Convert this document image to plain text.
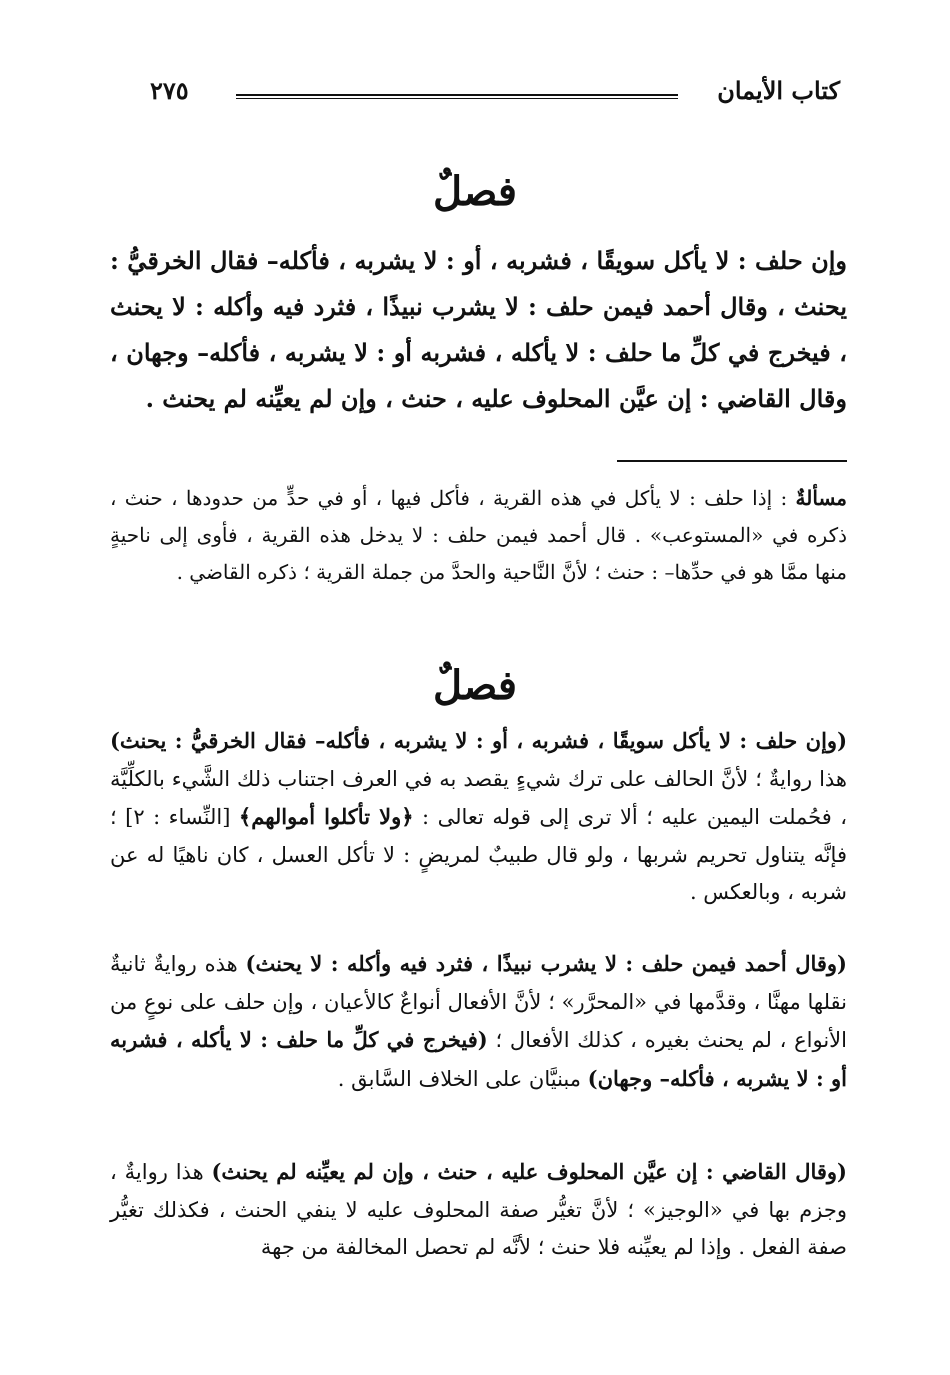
كتاب الأيمان
٢٧٥
فصلٌ
وإن حلف : لا يأكل سويقًا ، فشربه ، أو : لا يشربه ، فأكله– فقال الخرقيُّ : يحنث ، وقال أحمد فيمن حلف : لا يشرب نبيذًا ، فثرد فيه وأكله : لا يحنث ، فيخرج في كلِّ ما حلف : لا يأكله ، فشربه أو : لا يشربه ، فأكله– وجهان ، وقال القاضي : إن عيَّن المحلوف عليه ، حنث ، وإن لم يعيِّنه لم يحنث .
مسألةٌ : إذا حلف : لا يأكل في هذه القرية ، فأكل فيها ، أو في حدٍّ من حدودها ، حنث ، ذكره في «المستوعب» . قال أحمد فيمن حلف : لا يدخل هذه القرية ، فأوى إلى ناحيةٍ منها ممَّا هو في حدِّها– : حنث ؛ لأنَّ النَّاحية والحدَّ من جملة القرية ؛ ذكره القاضي .
فصلٌ
(وإن حلف : لا يأكل سويقًا ، فشربه ، أو : لا يشربه ، فأكله– فقال الخرقيُّ : يحنث) هذا روايةٌ ؛ لأنَّ الحالف على ترك شيءٍ يقصد به في العرف اجتناب ذلك الشَّيء بالكلِّيَّة ، فحُملت اليمين عليه ؛ ألا ترى إلى قوله تعالى : ﴿ولا تأكلوا أموالهم﴾ [النِّساء : ٢] ؛ فإنَّه يتناول تحريم شربها ، ولو قال طبيبٌ لمريضٍ : لا تأكل العسل ، كان ناهيًا له عن شربه ، وبالعكس .
(وقال أحمد فيمن حلف : لا يشرب نبيذًا ، فثرد فيه وأكله : لا يحنث) هذه روايةٌ ثانيةٌ نقلها مهنَّا ، وقدَّمها في «المحرَّر» ؛ لأنَّ الأفعال أنواعٌ كالأعيان ، وإن حلف على نوعٍ من الأنواع ، لم يحنث بغيره ، كذلك الأفعال ؛ (فيخرج في كلِّ ما حلف : لا يأكله ، فشربه أو : لا يشربه ، فأكله– وجهان) مبنيَّان على الخلاف السَّابق .
(وقال القاضي : إن عيَّن المحلوف عليه ، حنث ، وإن لم يعيِّنه لم يحنث) هذا روايةٌ ، وجزم بها في «الوجيز» ؛ لأنَّ تغيُّر صفة المحلوف عليه لا ينفي الحنث ، فكذلك تغيُّر صفة الفعل . وإذا لم يعيِّنه فلا حنث ؛ لأنَّه لم تحصل المخالفة من جهة
